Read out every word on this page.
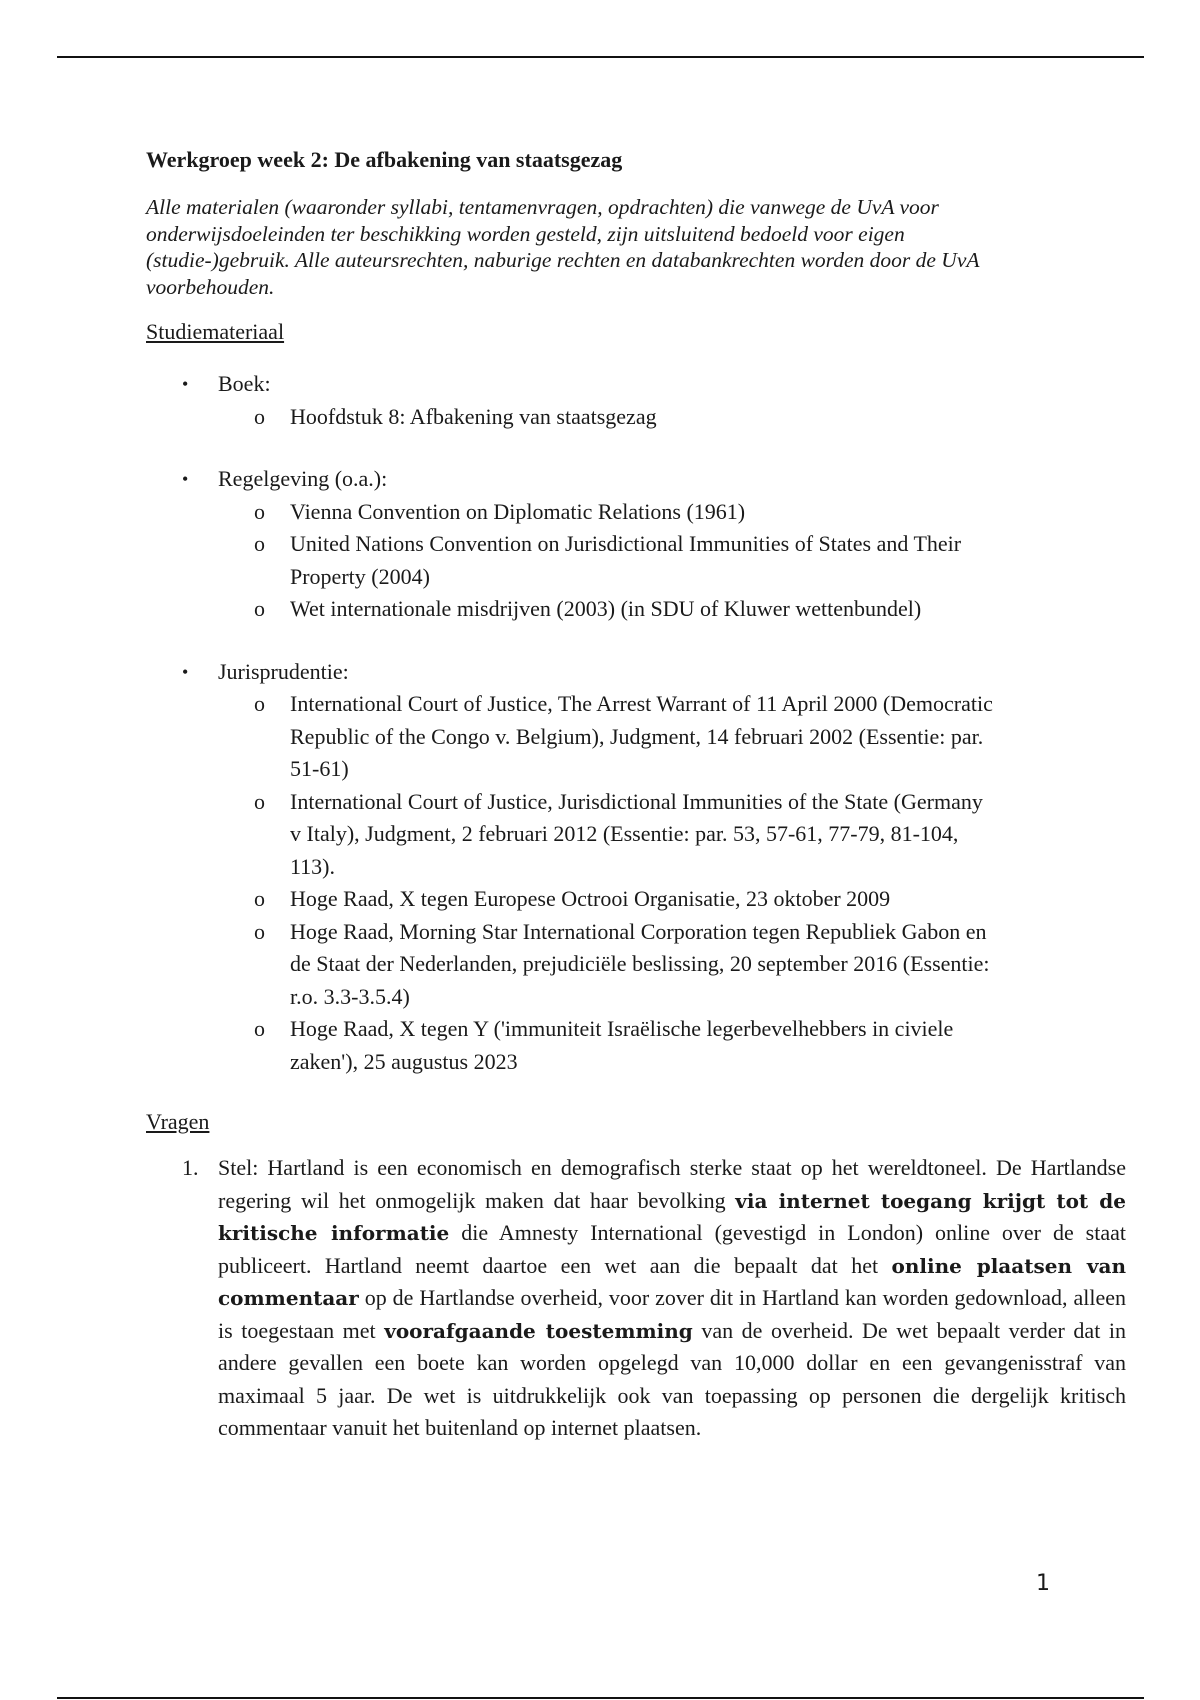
Werkgroep week 2: De afbakening van staatsgezag

Alle materialen (waaronder syllabi, tentamenvragen, opdrachten) die vanwege de UvA voor onderwijsdoeleinden ter beschikking worden gesteld, zijn uitsluitend bedoeld voor eigen (studie-)gebruik. Alle auteursrechten, naburige rechten en databankrechten worden door de UvA voorbehouden.

Studiemateriaal

•	Boek:
o Hoofdstuk 8: Afbakening van staatsgezag
•	Regelgeving (o.a.):
o Vienna Convention on Diplomatic Relations (1961)
o United Nations Convention on Jurisdictional Immunities of States and Their Property (2004)
o Wet internationale misdrijven (2003) (in SDU of Kluwer wettenbundel)
•	Jurisprudentie:
o International Court of Justice, The Arrest Warrant of 11 April 2000 (Democratic Republic of the Congo v. Belgium), Judgment, 14 februari 2002 (Essentie: par. 51-61)
o International Court of Justice, Jurisdictional Immunities of the State (Germany v Italy), Judgment, 2 februari 2012 (Essentie: par. 53, 57-61, 77-79, 81-104, 113).
o Hoge Raad, X tegen Europese Octrooi Organisatie, 23 oktober 2009
o Hoge Raad, Morning Star International Corporation tegen Republiek Gabon en de Staat der Nederlanden, prejudiciële beslissing, 20 september 2016 (Essentie: r.o. 3.3-3.5.4)
o Hoge Raad, X tegen Y ('immuniteit Israëlische legerbevelhebbers in civiele zaken'), 25 augustus 2023

Vragen

1. Stel: Hartland is een economisch en demografisch sterke staat op het wereldtoneel. De Hartlandse regering wil het onmogelijk maken dat haar bevolking via internet toegang krijgt tot de kritische informatie die Amnesty International (gevestigd in London) online over de staat publiceert. Hartland neemt daartoe een wet aan die bepaalt dat het online plaatsen van commentaar op de Hartlandse overheid, voor zover dit in Hartland kan worden gedownload, alleen is toegestaan met voorafgaande toestemming van de overheid. De wet bepaalt verder dat in andere gevallen een boete kan worden opgelegd van 10,000 dollar en een gevangenisstraf van maximaal 5 jaar. De wet is uitdrukkelijk ook van toepassing op personen die dergelijk kritisch commentaar vanuit het buitenland op internet plaatsen.
1
